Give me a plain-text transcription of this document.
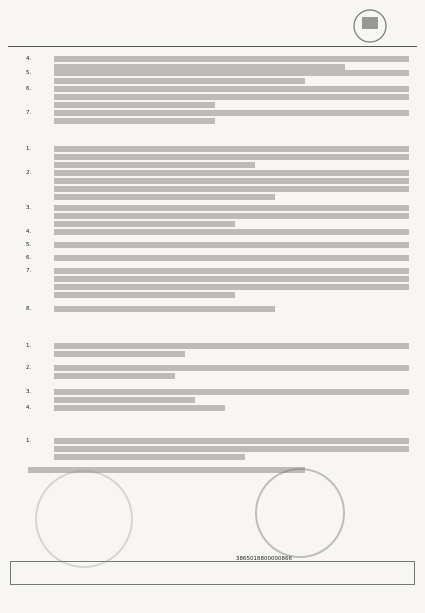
4.
5.
6.
7.
1.
2.
3.
4.
5.
6.
7.
8.
1.
2.
3.
4.
1.
3865018800000866
